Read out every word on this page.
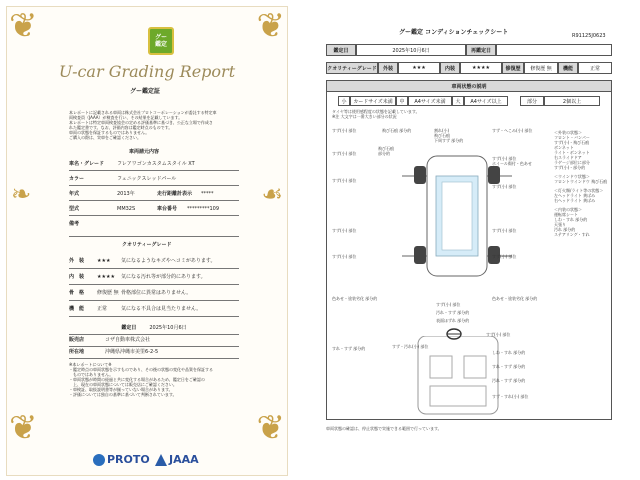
❦	❦
❦	❦
❧	☙
グー
鑑定
U-car Grading Report
グー鑑定証
本レポートに記載される車両は株式会社プロトコーポレーションが委託する特定車
両検査員（JAAA）が検査を行い、その結果を記載しています。
本レポートは特定車両検査協会の定める評価基準に基づき、公正な立場で作成さ
れた鑑定書です。なお、評価内容は鑑定時点のものです。
車両の状態を保証するものではありません。
ご購入の際は、実車をご確認ください。
車両請元内容
車名・グレード	フレアワゴンカスタムスタイル XT
カラー	フェニックスレッドパール
年式	2013年	走行距離計表示	*****
型式	MM32S	車台番号	*********109
備考
クオリティーグレード
外　装	★★★	気になるようなキズやヘコミがあります。
内　装	★★★★	気になる汚れ等が部分的にあります。
骨　格	修復歴 無 骨格部位に異常はありません。
機　能	正常	気になる不具合は見当たりません。
鑑定日	2025年10月6日
販売店	コザ自動車株式会社
所在地	沖縄県沖縄市美里6-2-5
※本レポートについて※
・鑑定時点の車両状態を示すものであり、その後の状態の変化や品質を保証する
　ものではありません。
・車両状態が時間の経過と共に変化する場合があるため、鑑定日をご確認の
　上、現在の車両状態については販売店にご確認ください。
・車検証、取扱説明書等が揃っていない場合があります。
・評価については独自の基準に基づいて判断されています。
PROTO JAAA
グー鑑定 コンディションチェックシート	R91125J0623
鑑定日	2025年10月6日	再鑑定日
クオリティーグレード	外装	★★★	内装	★★★★	修復歴	修復歴 無	機能	正常
車両状態の説明
小	カードサイズ未満	中	A4サイズ未満	大	A4サイズ以上	部分	2個以上
タイヤ等は使用感程度の状態を記載しています。
※注 大文字は一番大きい部分の状況
すず(小) 部位	飛び石痕 部分的	割れ(小)
飛び石痕
下周すず 部分的
すず・へこみ(小) 部位
すず(小) 部位
飛び石痕
部分的
すず(小) 部位
ホイール傷付・色あせ
すず(小) 部位
すず(小) 部位
すず(小) 部位	すず(小) 部位
すず(小) 部位
色あせ・塗装劣化 部分的	色あせ・塗装劣化 部分的
すず(小) 部位
すず(小) 部位
汚れ・すず 部分的
表面ほずれ 部分的
すず(小) 部位
すず・汚れ(小) 部位
すれ・すず 部分的
しわ・すれ 部分的
すれ・すず 部分的
汚れ・すず 部分的
すず・すれ(小) 部位
＜外装の状態＞
フロント・バンパー
すず(小)・飛び石痕
ボンネット
ライト・ボンネット
右スライドドア
ラゲージ部位に部分
すず(小)・部分的
＜ウインドウ状態＞
フロントウインドウ 飛び石痕
＜灯火類/ライト等の状態＞
左ヘッドライト 黄ばみ
右ヘッドライト 黄ばみ
＜内装の状態＞
運転席シート
しわ・すれ 部分的
天張り
汚れ 部分的
ステアリング・すれ
車両状態の確認は、停止状態で実施できる範囲で行っています。
